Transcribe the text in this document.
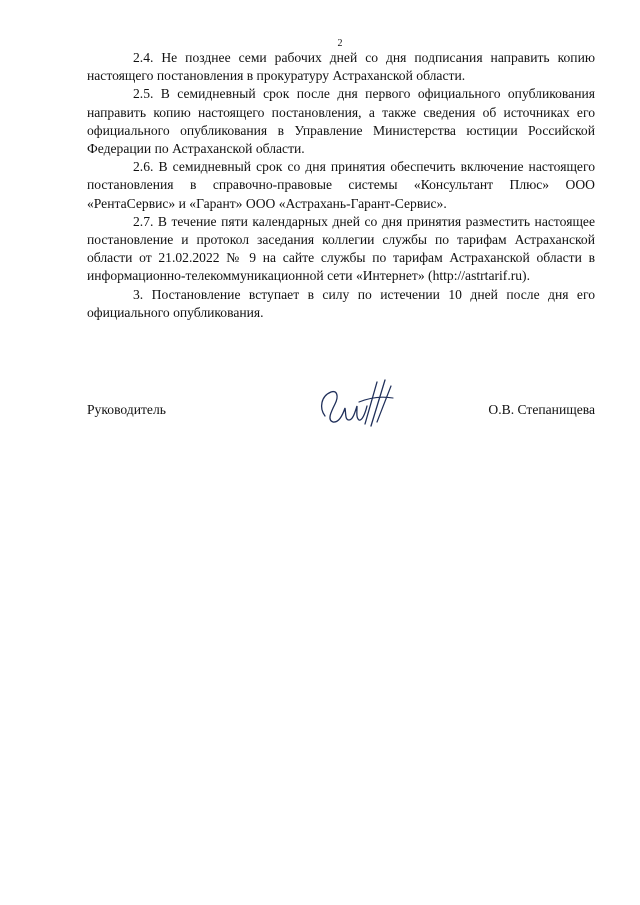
2

2.4. Не позднее семи рабочих дней со дня подписания направить копию настоящего постановления в прокуратуру Астраханской области.

2.5. В семидневный срок после дня первого официального опубликования направить копию настоящего постановления, а также сведения об источниках его официального опубликования в Управление Министерства юстиции Российской Федерации по Астраханской области.

2.6. В семидневный срок со дня принятия обеспечить включение настоящего постановления в справочно-правовые системы «Консультант Плюс» ООО «РентаСервис» и «Гарант» ООО «Астрахань-Гарант-Сервис».

2.7. В течение пяти календарных дней со дня принятия разместить настоящее постановление и протокол заседания коллегии службы по тарифам Астраханской области от 21.02.2022 № 9 на сайте службы по тарифам Астраханской области в информационно-телекоммуникационной сети «Интернет» (http://astrtarif.ru).

3. Постановление вступает в силу по истечении 10 дней после дня его официального опубликования.

Руководитель	О.В. Степанищева
